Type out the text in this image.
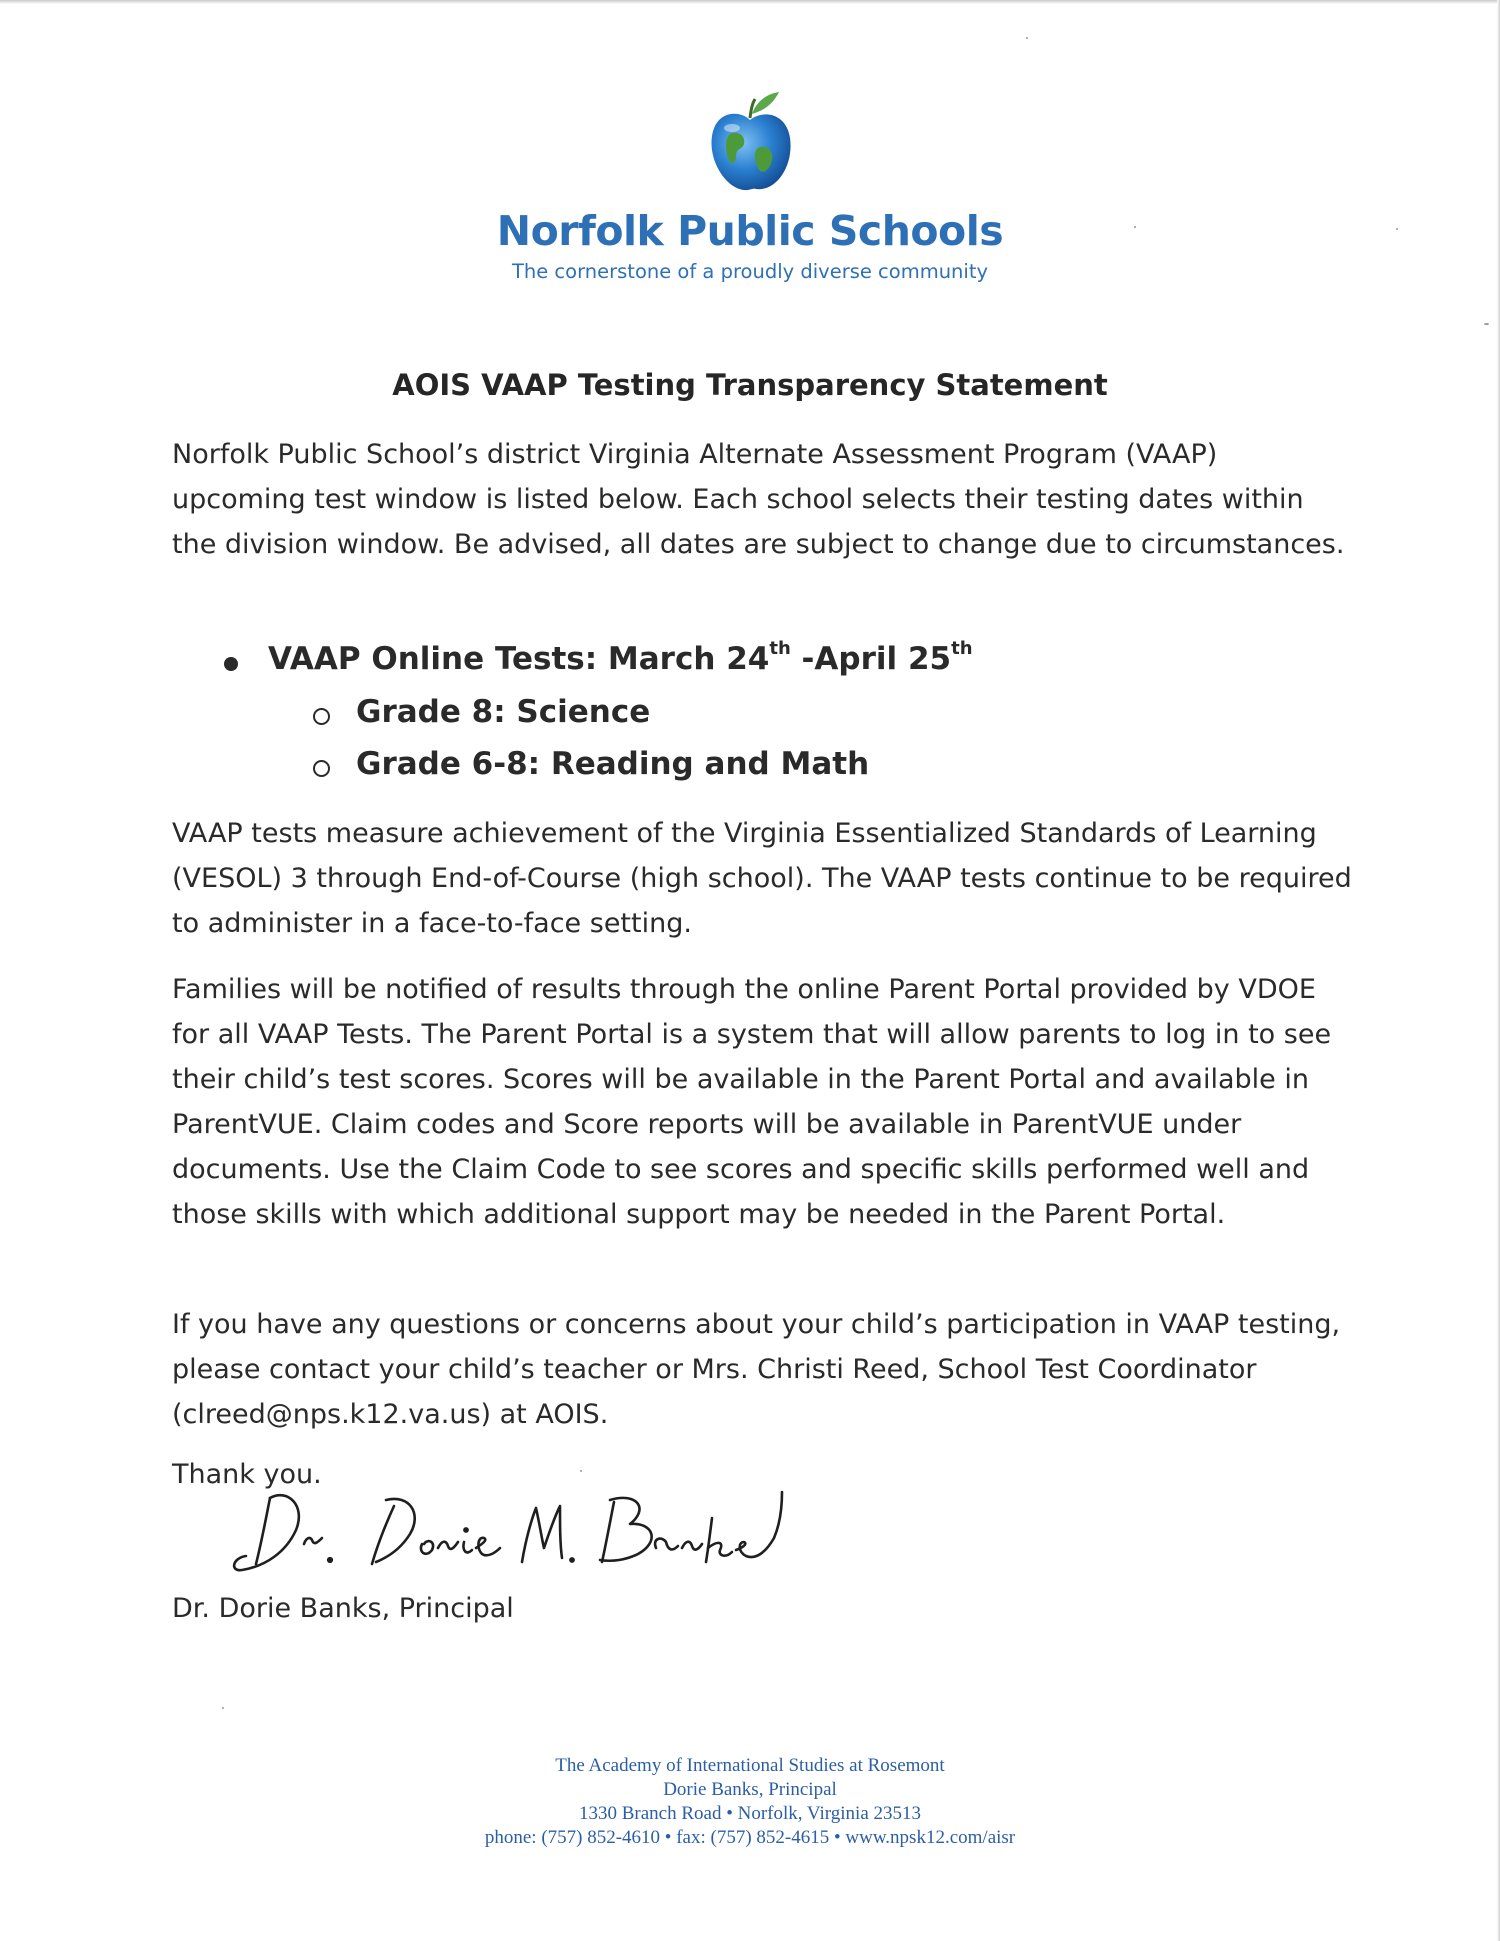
Norfolk Public Schools
The cornerstone of a proudly diverse community
AOIS VAAP Testing Transparency Statement

Norfolk Public School’s district Virginia Alternate Assessment Program (VAAP) upcoming test window is listed below. Each school selects their testing dates within the division window. Be advised, all dates are subject to change due to circumstances.

VAAP Online Tests: March 24th -April 25th
Grade 8: Science
Grade 6-8: Reading and Math

VAAP tests measure achievement of the Virginia Essentialized Standards of Learning (VESOL) 3 through End-of-Course (high school). The VAAP tests continue to be required to administer in a face-to-face setting.

Families will be notified of results through the online Parent Portal provided by VDOE for all VAAP Tests. The Parent Portal is a system that will allow parents to log in to see their child’s test scores. Scores will be available in the Parent Portal and available in ParentVUE. Claim codes and Score reports will be available in ParentVUE under documents. Use the Claim Code to see scores and specific skills performed well and those skills with which additional support may be needed in the Parent Portal.

If you have any questions or concerns about your child’s participation in VAAP testing, please contact your child’s teacher or Mrs. Christi Reed, School Test Coordinator (clreed@nps.k12.va.us) at AOIS.

Thank you.
Dr. Dorie Banks, Principal
The Academy of International Studies at Rosemont
Dorie Banks, Principal
1330 Branch Road • Norfolk, Virginia 23513
phone: (757) 852-4610 • fax: (757) 852-4615 • www.npsk12.com/aisr
